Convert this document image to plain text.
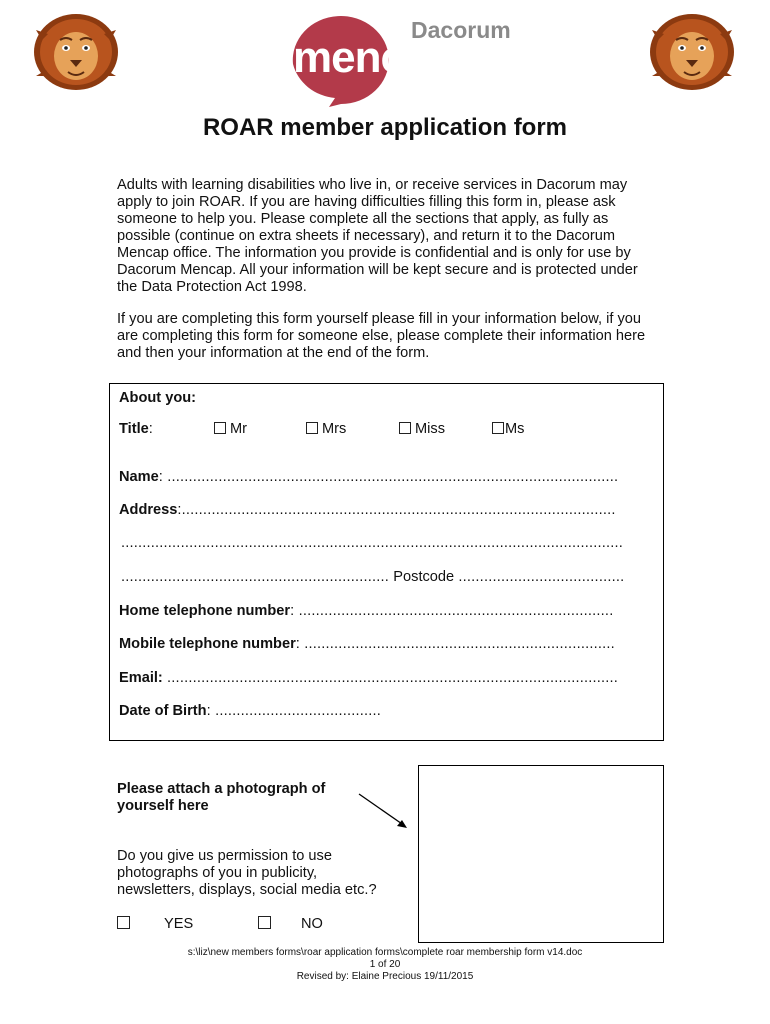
Dacorum
mencap
ROAR member application form

Adults with learning disabilities who live in, or receive services in Dacorum may
apply to join ROAR. If you are having difficulties filling this form in, please ask
someone to help you. Please complete all the sections that apply, as fully as
possible (continue on extra sheets if necessary), and return it to the Dacorum
Mencap office. The information you provide is confidential and is only for use by
Dacorum Mencap. All your information will be kept secure and is protected under
the Data Protection Act 1998.

If you are completing this form yourself please fill in your information below, if you
are completing this form for someone else, please complete their information here
and then your information at the end of the form.

About you:
Title:	Mr	Mrs	Miss	Ms
Name: ..........................................................................................................
Address:......................................................................................................
......................................................................................................................
............................................................... Postcode .......................................
Home telephone number: ..........................................................................
Mobile telephone number: .........................................................................
Email: ..........................................................................................................
Date of Birth: .......................................
Please attach a photograph of
yourself here
Do you give us permission to use
photographs of you in publicity,
newsletters, displays, social media etc.?
YES	NO
s:\liz\new members forms\roar application forms\complete roar membership form v14.doc
1 of 20
Revised by: Elaine Precious 19/11/2015
